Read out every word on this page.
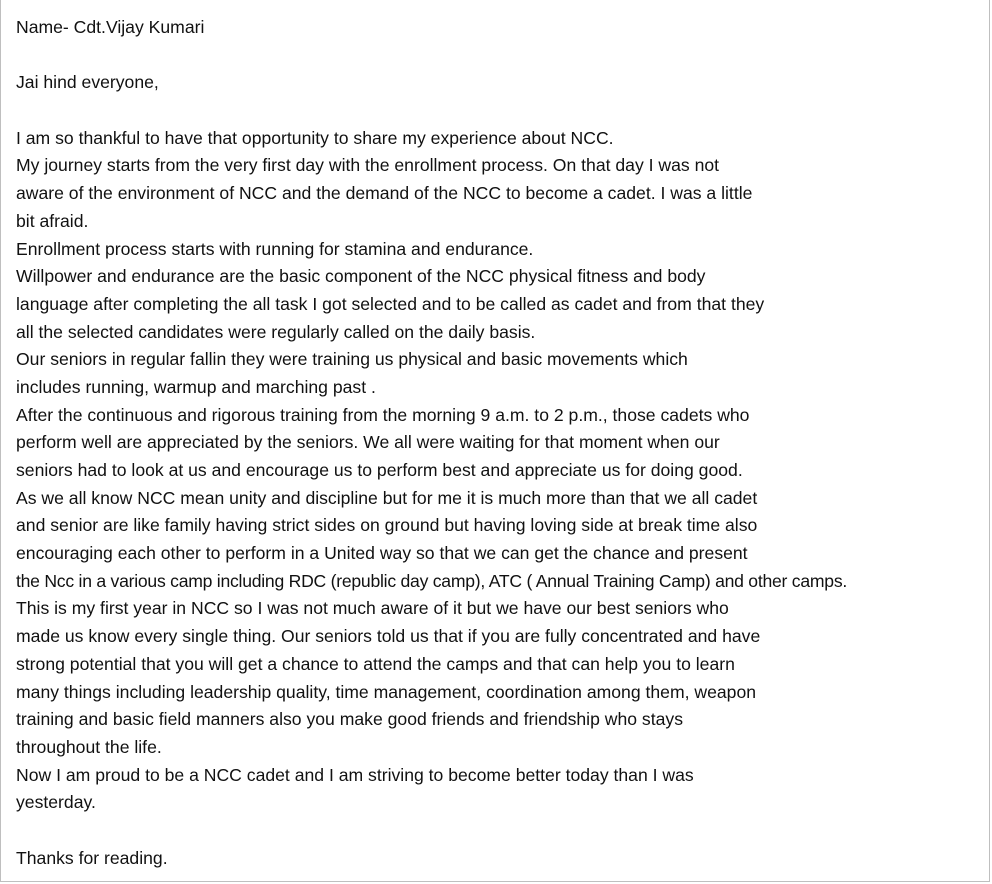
Name- Cdt.Vijay Kumari
Jai hind everyone,
I am so thankful to have that opportunity to share my experience about NCC.
My journey starts from the very first day with the enrollment process. On that day I was not
aware of the environment of NCC and the demand of the NCC to become a cadet. I was a little
bit afraid.
Enrollment process starts with running for stamina and endurance.
Willpower and endurance are the basic component of the NCC physical fitness and body
language after completing the all task I got selected and to be called as cadet and from that they
all the selected candidates were regularly called on the daily basis.
Our seniors in regular fallin they were training us physical and basic movements which
includes running, warmup and marching past .
After the continuous and rigorous training from the morning 9 a.m. to 2 p.m., those cadets who
perform well are appreciated by the seniors. We all were waiting for that moment when our
seniors had to look at us and encourage us to perform best and appreciate us for doing good.
As we all know NCC mean unity and discipline but for me it is much more than that we all cadet
and senior are like family having strict sides on ground but having loving side at break time also
encouraging each other to perform in a United way so that we can get the chance and present
the Ncc in a various camp including RDC (republic day camp), ATC ( Annual Training Camp) and other camps.
This is my first year in NCC so I was not much aware of it but we have our best seniors who
made us know every single thing. Our seniors told us that if you are fully concentrated and have
strong potential that you will get a chance to attend the camps and that can help you to learn
many things including leadership quality, time management, coordination among them, weapon
training and basic field manners also you make good friends and friendship who stays
throughout the life.
Now I am proud to be a NCC cadet and I am striving to become better today than I was
yesterday.
Thanks for reading.
